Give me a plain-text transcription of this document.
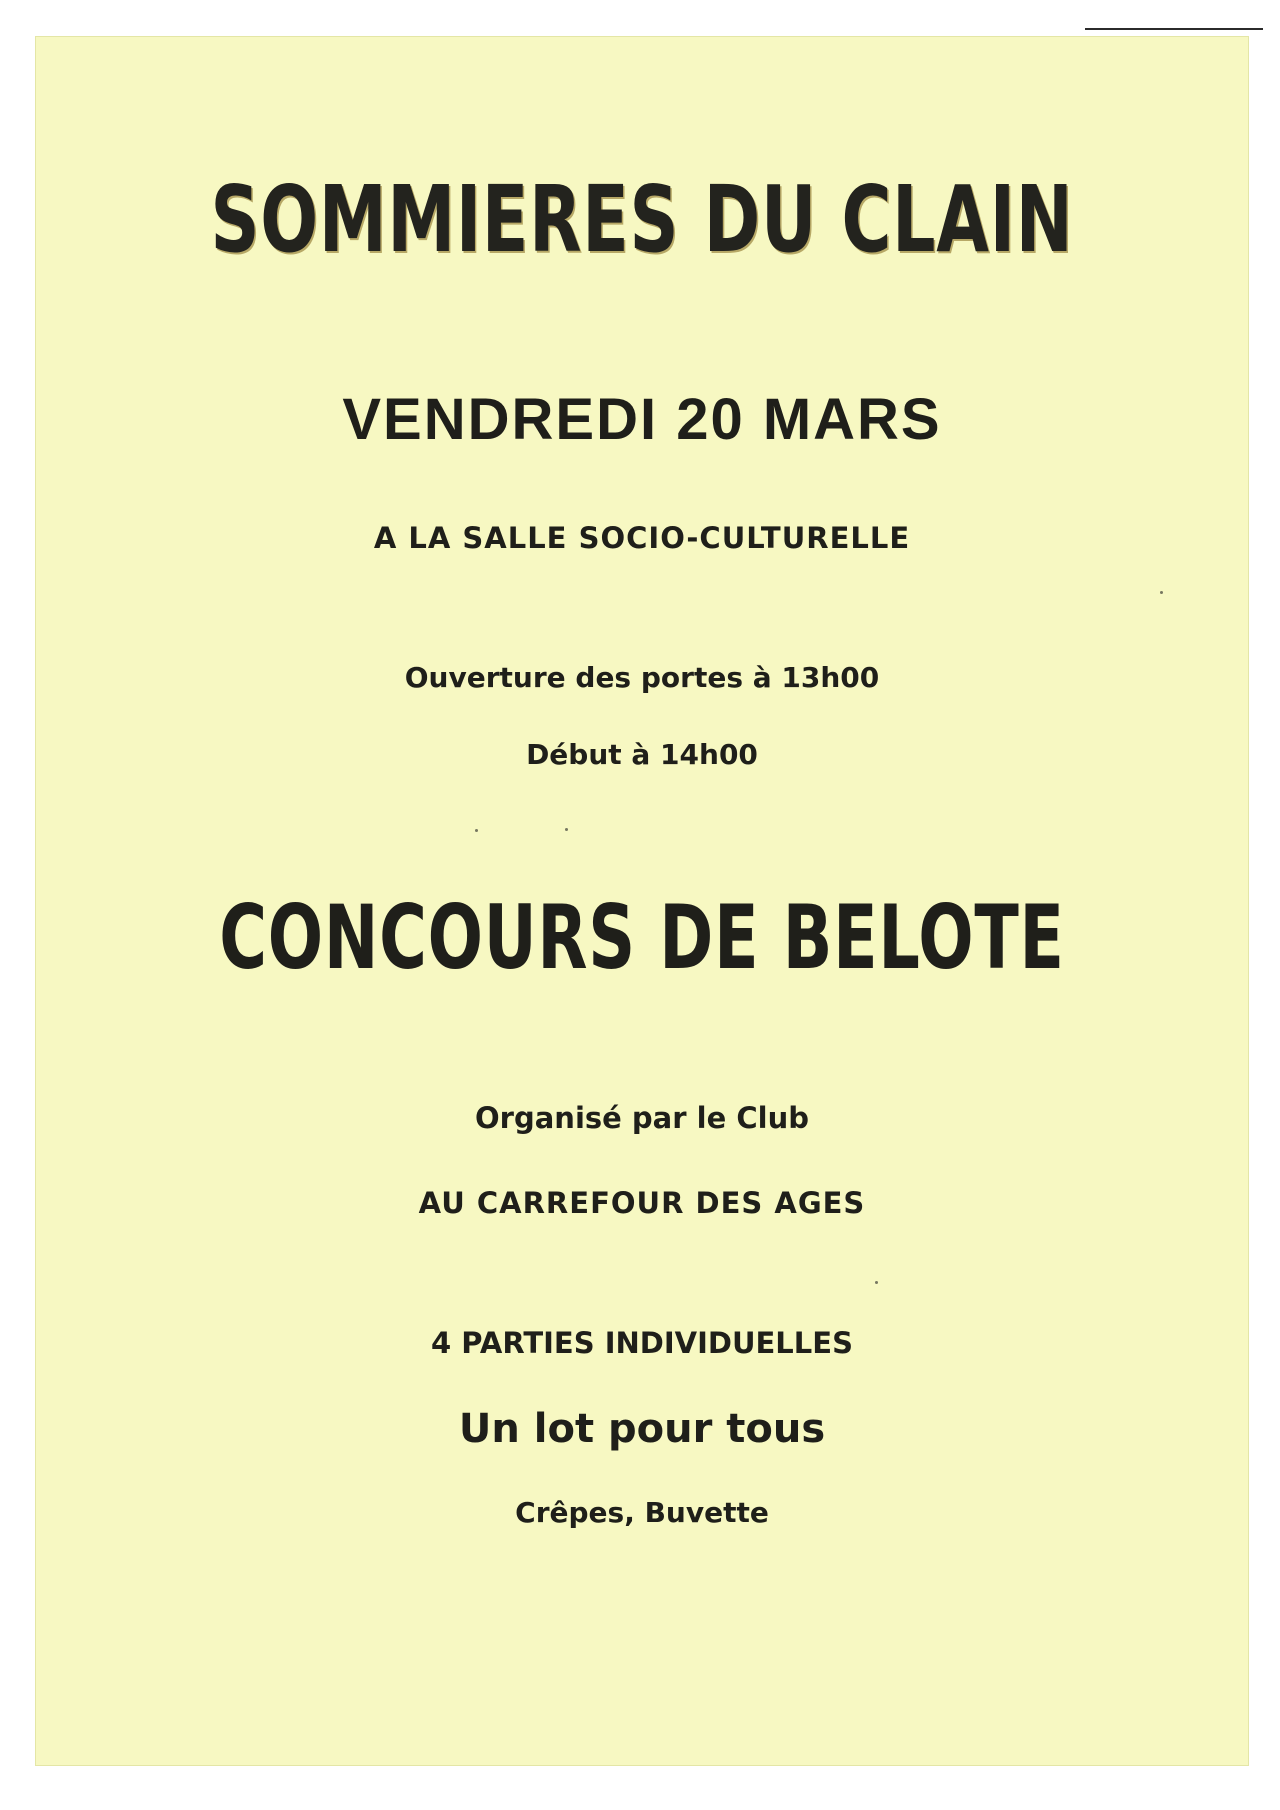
SOMMIERES DU CLAIN
VENDREDI 20 MARS
A LA SALLE SOCIO-CULTURELLE
Ouverture des portes à 13h00
Début à 14h00
CONCOURS DE BELOTE
Organisé par le Club
AU CARREFOUR DES AGES
4 PARTIES INDIVIDUELLES
Un lot pour tous
Crêpes, Buvette
